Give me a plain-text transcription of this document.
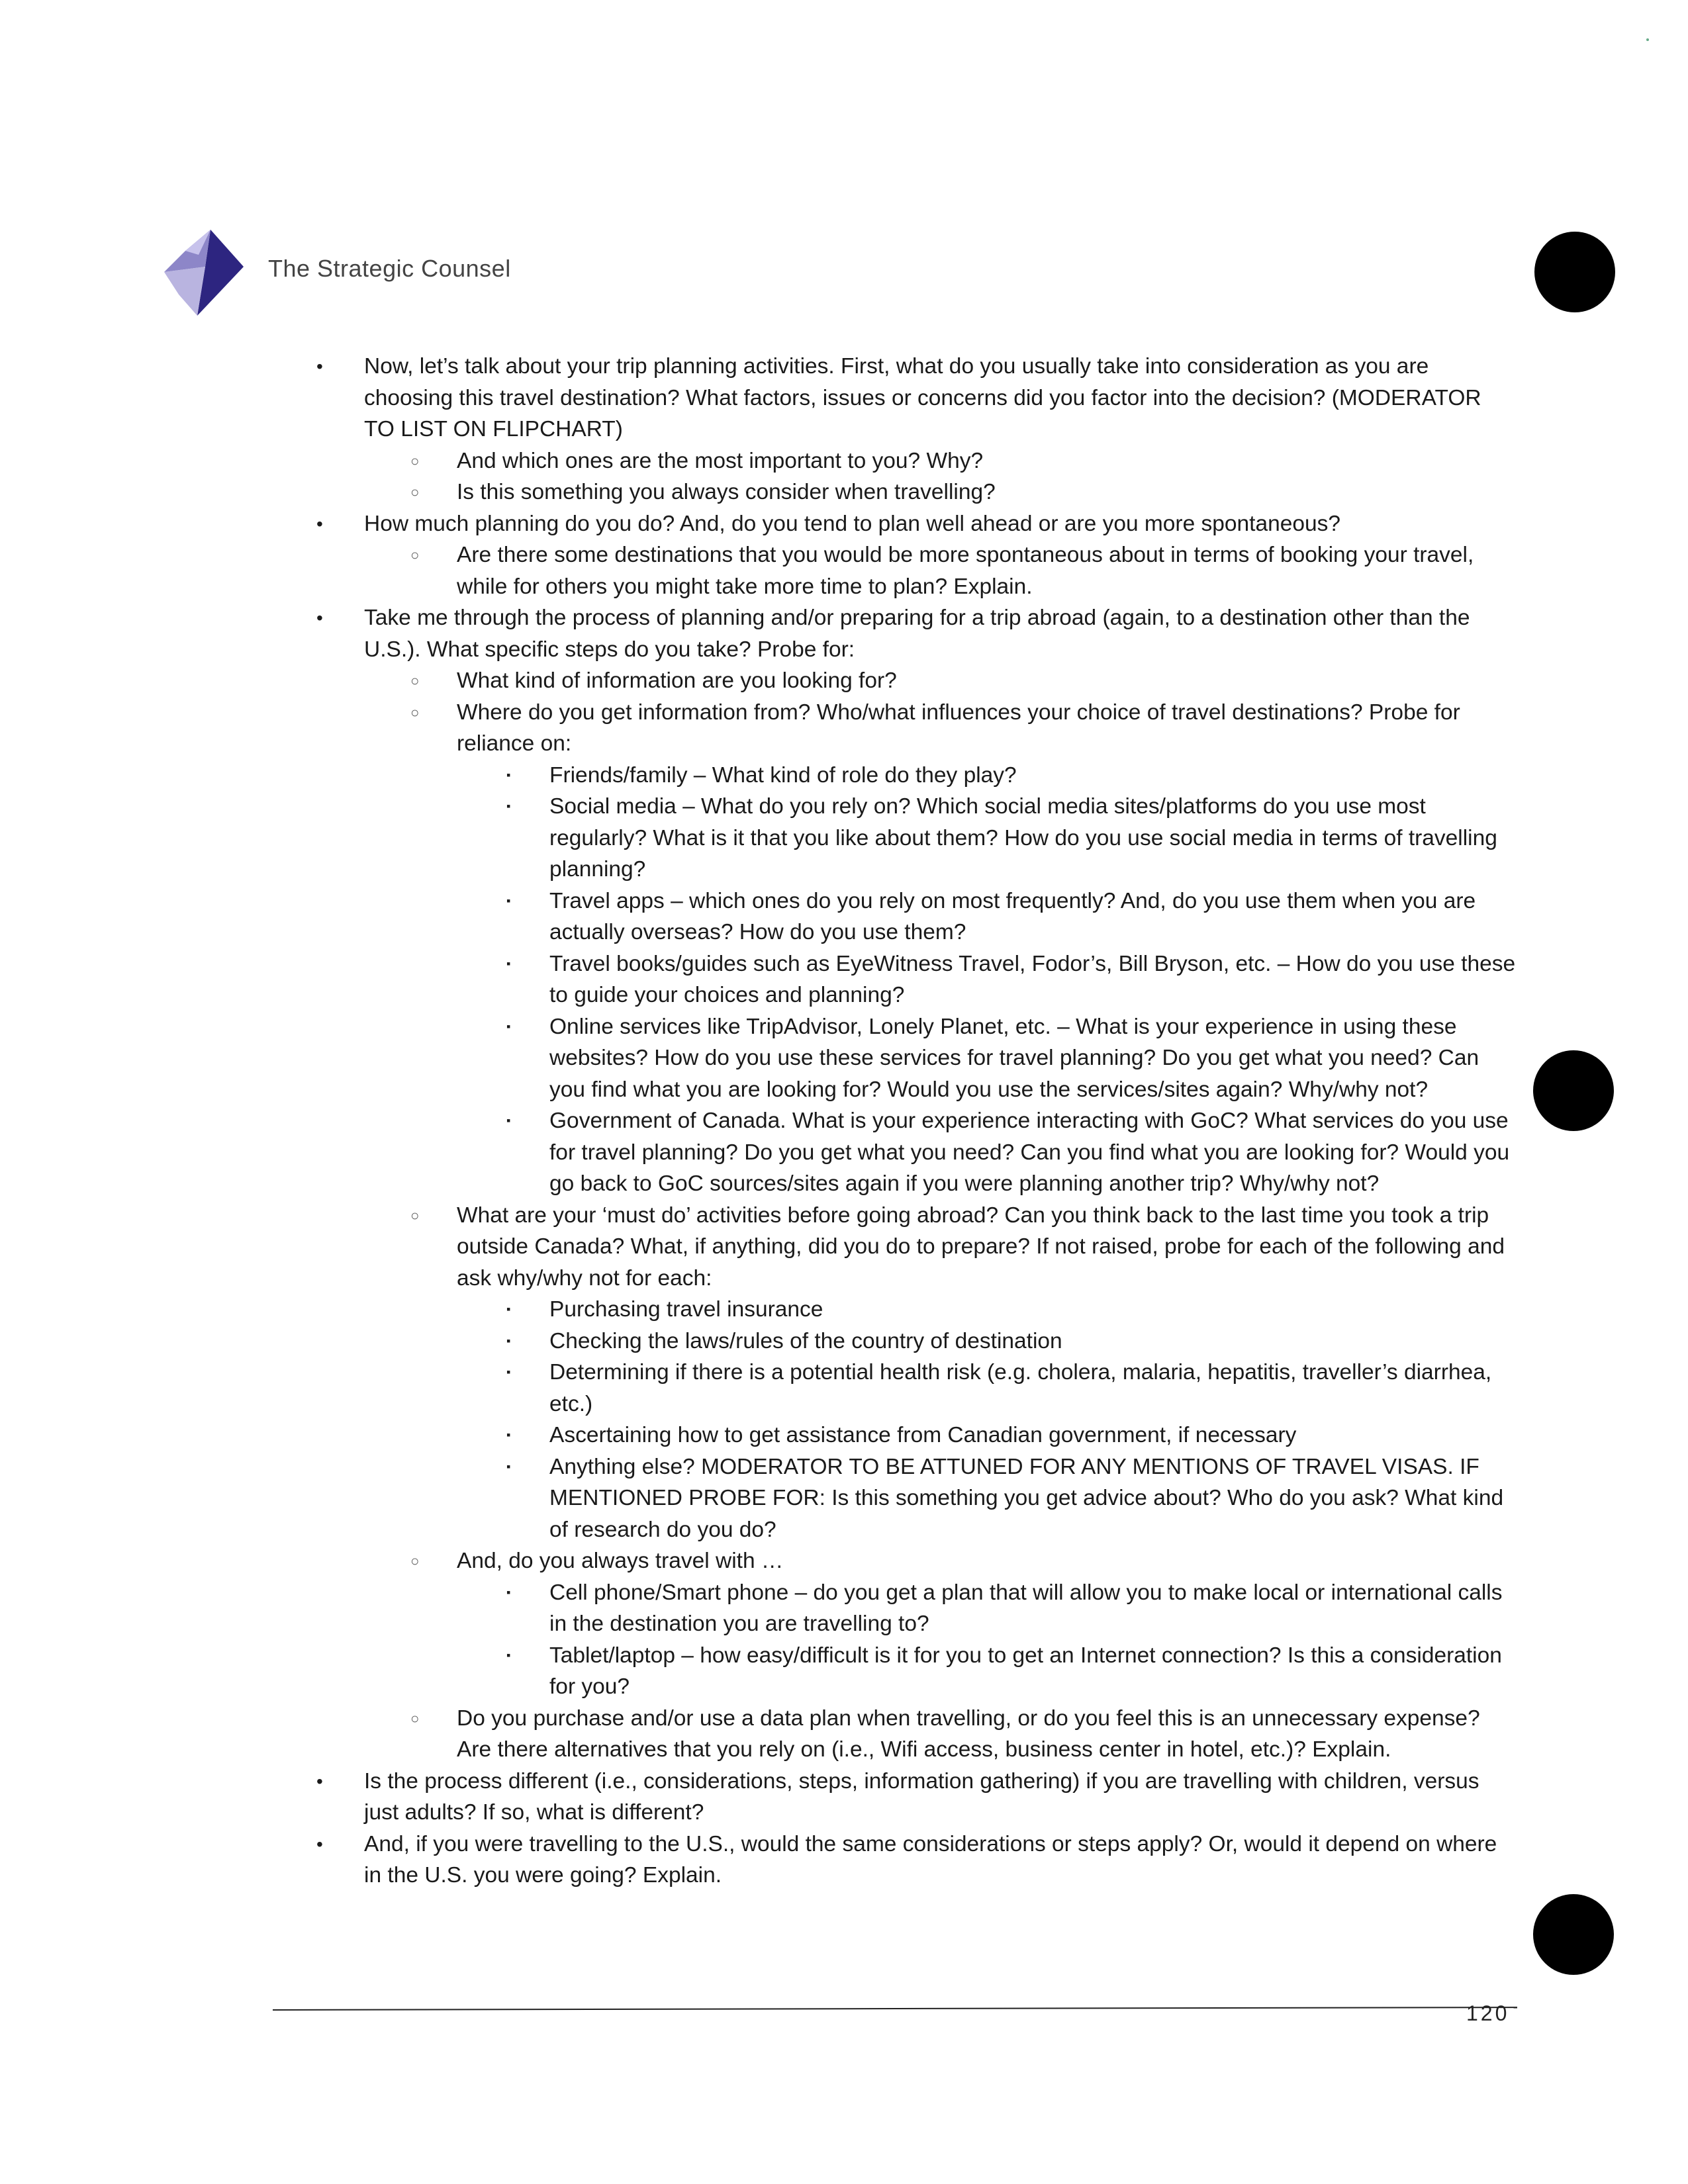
The Strategic Counsel
• Now, let’s talk about your trip planning activities. First, what do you usually take into consideration as you are choosing this travel destination? What factors, issues or concerns did you factor into the decision? (MODERATOR TO LIST ON FLIPCHART)
○ And which ones are the most important to you? Why?
○ Is this something you always consider when travelling?
• How much planning do you do? And, do you tend to plan well ahead or are you more spontaneous?
○ Are there some destinations that you would be more spontaneous about in terms of booking your travel, while for others you might take more time to plan? Explain.
• Take me through the process of planning and/or preparing for a trip abroad (again, to a destination other than the U.S.). What specific steps do you take? Probe for:
○ What kind of information are you looking for?
○ Where do you get information from? Who/what influences your choice of travel destinations? Probe for reliance on:
▪ Friends/family – What kind of role do they play?
▪ Social media – What do you rely on? Which social media sites/platforms do you use most regularly? What is it that you like about them? How do you use social media in terms of travelling planning?
▪ Travel apps – which ones do you rely on most frequently? And, do you use them when you are actually overseas? How do you use them?
▪ Travel books/guides such as EyeWitness Travel, Fodor’s, Bill Bryson, etc. – How do you use these to guide your choices and planning?
▪ Online services like TripAdvisor, Lonely Planet, etc. – What is your experience in using these websites? How do you use these services for travel planning? Do you get what you need? Can you find what you are looking for? Would you use the services/sites again? Why/why not?
▪ Government of Canada. What is your experience interacting with GoC? What services do you use for travel planning? Do you get what you need? Can you find what you are looking for? Would you go back to GoC sources/sites again if you were planning another trip? Why/why not?
○ What are your ‘must do’ activities before going abroad? Can you think back to the last time you took a trip outside Canada? What, if anything, did you do to prepare? If not raised, probe for each of the following and ask why/why not for each:
▪ Purchasing travel insurance
▪ Checking the laws/rules of the country of destination
▪ Determining if there is a potential health risk (e.g. cholera, malaria, hepatitis, traveller’s diarrhea, etc.)
▪ Ascertaining how to get assistance from Canadian government, if necessary
▪ Anything else? MODERATOR TO BE ATTUNED FOR ANY MENTIONS OF TRAVEL VISAS. IF MENTIONED PROBE FOR: Is this something you get advice about? Who do you ask? What kind of research do you do?
○ And, do you always travel with …
▪ Cell phone/Smart phone – do you get a plan that will allow you to make local or international calls in the destination you are travelling to?
▪ Tablet/laptop – how easy/difficult is it for you to get an Internet connection? Is this a consideration for you?
○ Do you purchase and/or use a data plan when travelling, or do you feel this is an unnecessary expense? Are there alternatives that you rely on (i.e., Wifi access, business center in hotel, etc.)? Explain.
• Is the process different (i.e., considerations, steps, information gathering) if you are travelling with children, versus just adults? If so, what is different?
• And, if you were travelling to the U.S., would the same considerations or steps apply? Or, would it depend on where in the U.S. you were going? Explain.
120
